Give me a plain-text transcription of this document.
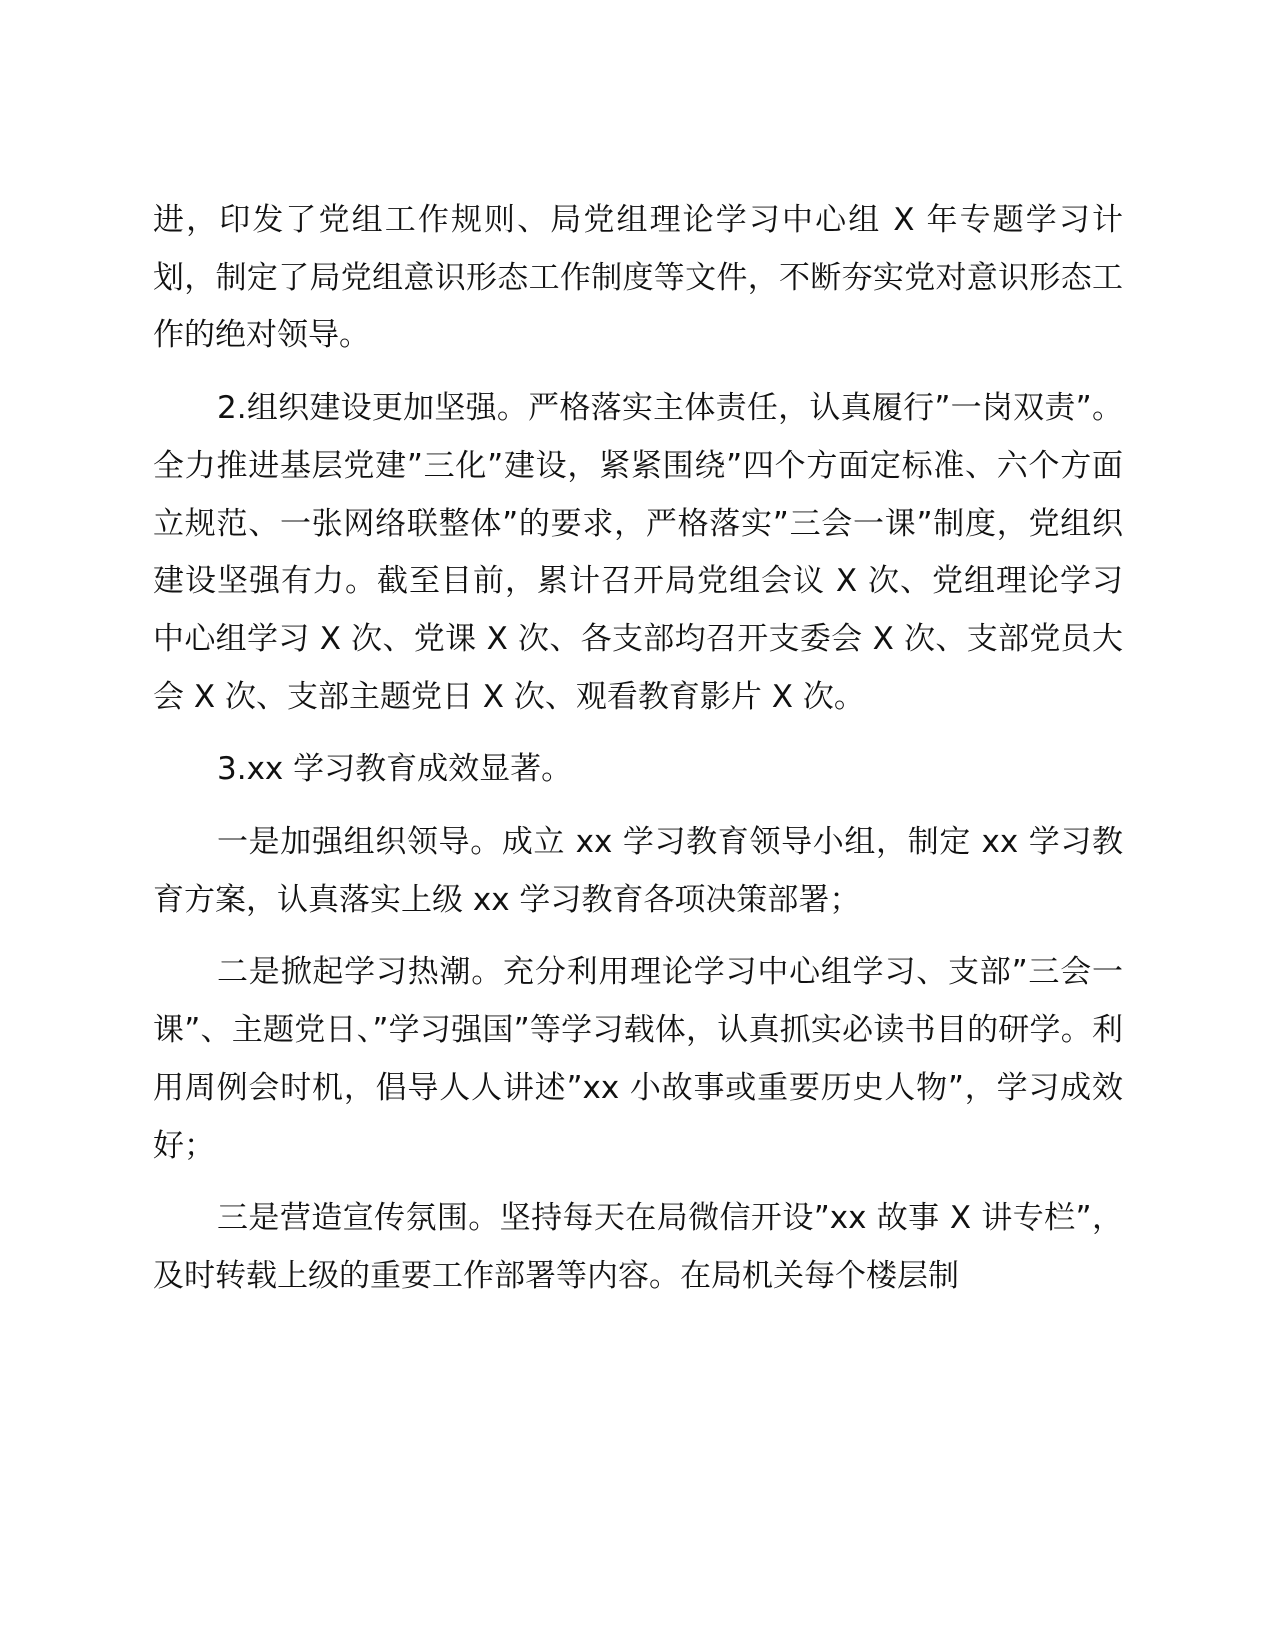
进，印发了党组工作规则、局党组理论学习中心组 X 年专题学习计划，制定了局党组意识形态工作制度等文件，不断夯实党对意识形态工作的绝对领导。

2.组织建设更加坚强。严格落实主体责任，认真履行”一岗双责”。全力推进基层党建”三化”建设，紧紧围绕”四个方面定标准、六个方面立规范、一张网络联整体”的要求，严格落实”三会一课”制度，党组织建设坚强有力。截至目前，累计召开局党组会议 X 次、党组理论学习中心组学习 X 次、党课 X 次、各支部均召开支委会 X 次、支部党员大会 X 次、支部主题党日 X 次、观看教育影片 X 次。

3.xx 学习教育成效显著。

一是加强组织领导。成立 xx 学习教育领导小组，制定 xx 学习教育方案，认真落实上级 xx 学习教育各项决策部署；

二是掀起学习热潮。充分利用理论学习中心组学习、支部”三会一课”、主题党日、”学习强国”等学习载体，认真抓实必读书目的研学。利用周例会时机，倡导人人讲述”xx 小故事或重要历史人物”，学习成效好；

三是营造宣传氛围。坚持每天在局微信开设”xx 故事 X 讲专栏”，及时转载上级的重要工作部署等内容。在局机关每个楼层制
